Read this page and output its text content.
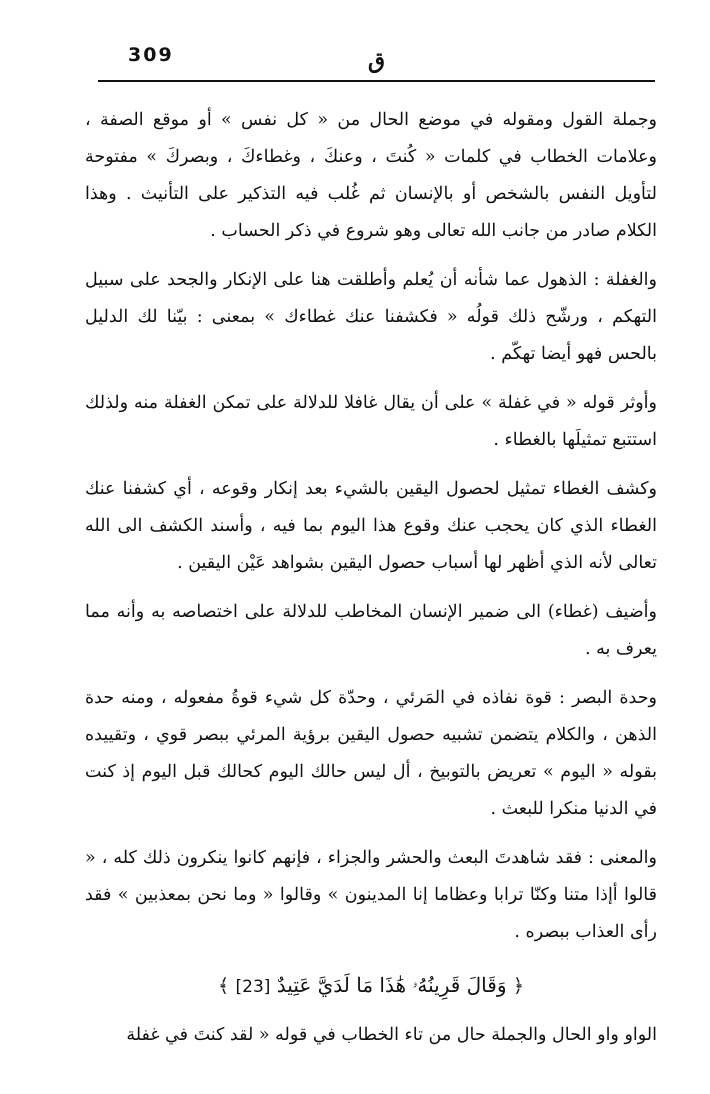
309	ق

وجملة القول ومقوله في موضع الحال من « كل نفس » أو موقع الصفة ، وعلامات الخطاب في كلمات « كُنتَ ، وعنكَ ، وغطاءكَ ، وبصركَ » مفتوحة لتأويل النفس بالشخص أو بالإنسان ثم غُلب فيه التذكير على التأنيث . وهذا الكلام صادر من جانب الله تعالى وهو شروع في ذكر الحساب .

والغفلة : الذهول عما شأنه أن يُعلم وأطلقت هنا على الإنكار والجحد على سبيل التهكم ، ورشّح ذلك قولُه « فكشفنا عنك غطاءك » بمعنى : بيّنا لك الدليل بالحس فهو أيضا تهكّم .

وأوثر قوله « في غفلة » على أن يقال غافلا للدلالة على تمكن الغفلة منه ولذلك استتبع تمثيلَها بالغطاء .

وكشف الغطاء تمثيل لحصول اليقين بالشيء بعد إنكار وقوعه ، أي كشفنا عنك الغطاء الذي كان يحجب عنك وقوع هذا اليوم بما فيه ، وأسند الكشف الى الله تعالى لأنه الذي أظهر لها أسباب حصول اليقين بشواهد عَيْن اليقين .

وأضيف (غطاء) الى ضمير الإنسان المخاطب للدلالة على اختصاصه به وأنه مما يعرف به .

وحدة البصر : قوة نفاذه في المَرئي ، وحدّة كل شيء قوةُ مفعوله ، ومنه حدة الذهن ، والكلام يتضمن تشبيه حصول اليقين برؤية المرئي ببصر قوي ، وتقييده بقوله « اليوم » تعريض بالتوبيخ ، أل ليس حالك اليوم كحالك قبل اليوم إذ كنت في الدنيا منكرا للبعث .

والمعنى : فقد شاهدتَ البعث والحشر والجزاء ، فإنهم كانوا ينكرون ذلك كله ، « قالوا أإذا متنا وكنّا ترابا وعظاما إنا المدينون » وقالوا « وما نحن بمعذبين » فقد رأى العذاب ببصره .

﴿ وَقَالَ قَرِينُهُۥ هَٰذَا مَا لَدَيَّ عَتِيدٌ [23] ﴾

الواو واو الحال والجملة حال من تاء الخطاب في قوله « لقد كنتَ في غفلة
